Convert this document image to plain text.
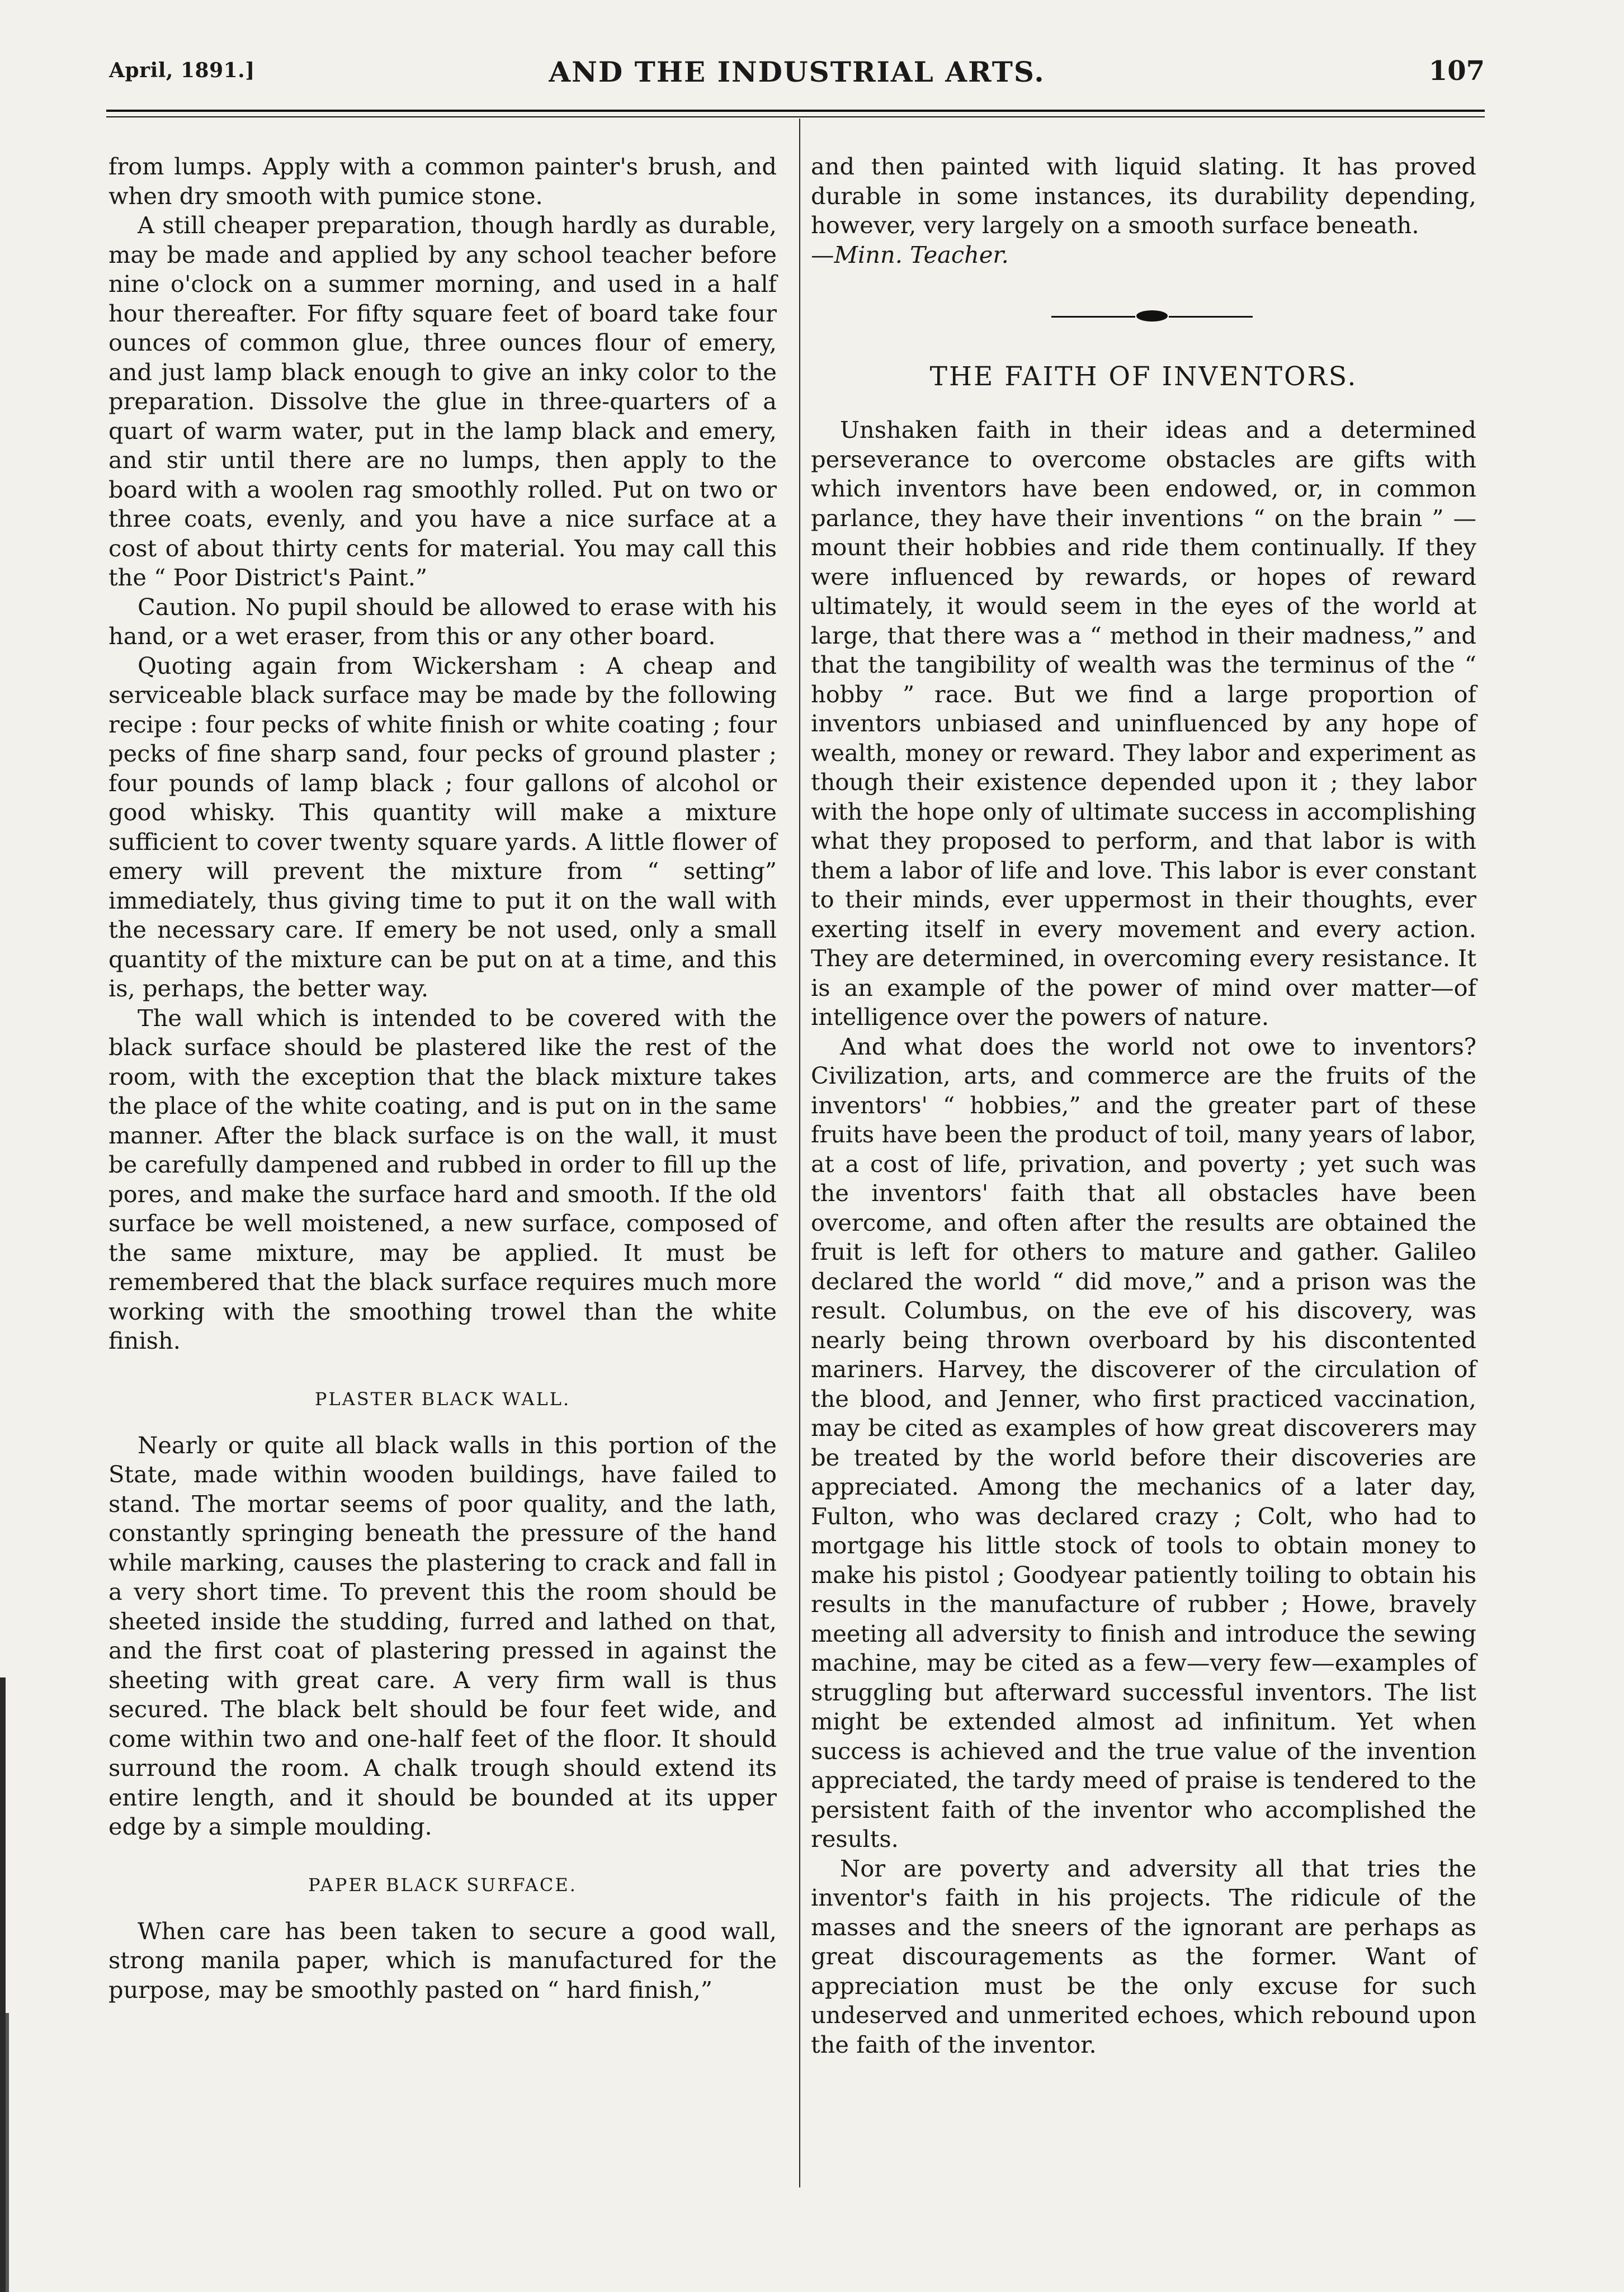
April, 1891.]	AND THE INDUSTRIAL ARTS.	107

from lumps. Apply with a common painter's brush, and when dry smooth with pumice stone.

A still cheaper preparation, though hardly as durable, may be made and applied by any school teacher before nine o'clock on a summer morning, and used in a half hour thereafter. For fifty square feet of board take four ounces of common glue, three ounces flour of emery, and just lamp black enough to give an inky color to the preparation. Dissolve the glue in three-quarters of a quart of warm water, put in the lamp black and emery, and stir until there are no lumps, then apply to the board with a woolen rag smoothly rolled. Put on two or three coats, evenly, and you have a nice surface at a cost of about thirty cents for material. You may call this the “ Poor District's Paint.”

Caution. No pupil should be allowed to erase with his hand, or a wet eraser, from this or any other board.

Quoting again from Wickersham : A cheap and serviceable black surface may be made by the following recipe : four pecks of white finish or white coating ; four pecks of fine sharp sand, four pecks of ground plaster ; four pounds of lamp black ; four gallons of alcohol or good whisky. This quantity will make a mixture sufficient to cover twenty square yards. A little flower of emery will prevent the mixture from “ setting” immediately, thus giving time to put it on the wall with the necessary care. If emery be not used, only a small quantity of the mixture can be put on at a time, and this is, perhaps, the better way.

The wall which is intended to be covered with the black surface should be plastered like the rest of the room, with the exception that the black mixture takes the place of the white coating, and is put on in the same manner. After the black surface is on the wall, it must be carefully dampened and rubbed in order to fill up the pores, and make the surface hard and smooth. If the old surface be well moistened, a new surface, composed of the same mixture, may be applied. It must be remembered that the black surface requires much more working with the smoothing trowel than the white finish.

PLASTER BLACK WALL.

Nearly or quite all black walls in this portion of the State, made within wooden buildings, have failed to stand. The mortar seems of poor quality, and the lath, constantly springing beneath the pressure of the hand while marking, causes the plastering to crack and fall in a very short time. To prevent this the room should be sheeted inside the studding, furred and lathed on that, and the first coat of plastering pressed in against the sheeting with great care. A very firm wall is thus secured. The black belt should be four feet wide, and come within two and one-half feet of the floor. It should surround the room. A chalk trough should extend its entire length, and it should be bounded at its upper edge by a simple moulding.

PAPER BLACK SURFACE.

When care has been taken to secure a good wall, strong manila paper, which is manufactured for the purpose, may be smoothly pasted on “ hard finish,”

and then painted with liquid slating. It has proved durable in some instances, its durability depending, however, very largely on a smooth surface beneath.

—Minn. Teacher.

THE FAITH OF INVENTORS.

Unshaken faith in their ideas and a determined perseverance to overcome obstacles are gifts with which inventors have been endowed, or, in common parlance, they have their inventions “ on the brain ” —mount their hobbies and ride them continually. If they were influenced by rewards, or hopes of reward ultimately, it would seem in the eyes of the world at large, that there was a “ method in their madness,” and that the tangibility of wealth was the terminus of the “ hobby ” race. But we find a large proportion of inventors unbiased and uninfluenced by any hope of wealth, money or reward. They labor and experiment as though their existence depended upon it ; they labor with the hope only of ultimate success in accomplishing what they proposed to perform, and that labor is with them a labor of life and love. This labor is ever constant to their minds, ever uppermost in their thoughts, ever exerting itself in every movement and every action. They are determined, in overcoming every resistance. It is an example of the power of mind over matter—of intelligence over the powers of nature.

And what does the world not owe to inventors? Civilization, arts, and commerce are the fruits of the inventors' “ hobbies,” and the greater part of these fruits have been the product of toil, many years of labor, at a cost of life, privation, and poverty ; yet such was the inventors' faith that all obstacles have been overcome, and often after the results are obtained the fruit is left for others to mature and gather. Galileo declared the world “ did move,” and a prison was the result. Columbus, on the eve of his discovery, was nearly being thrown overboard by his discontented mariners. Harvey, the discoverer of the circulation of the blood, and Jenner, who first practiced vaccination, may be cited as examples of how great discoverers may be treated by the world before their discoveries are appreciated. Among the mechanics of a later day, Fulton, who was declared crazy ; Colt, who had to mortgage his little stock of tools to obtain money to make his pistol ; Goodyear patiently toiling to obtain his results in the manufacture of rubber ; Howe, bravely meeting all adversity to finish and introduce the sewing machine, may be cited as a few—very few—examples of struggling but afterward successful inventors. The list might be extended almost ad infinitum. Yet when success is achieved and the true value of the invention appreciated, the tardy meed of praise is tendered to the persistent faith of the inventor who accomplished the results.

Nor are poverty and adversity all that tries the inventor's faith in his projects. The ridicule of the masses and the sneers of the ignorant are perhaps as great discouragements as the former. Want of appreciation must be the only excuse for such undeserved and unmerited echoes, which rebound upon the faith of the inventor.
